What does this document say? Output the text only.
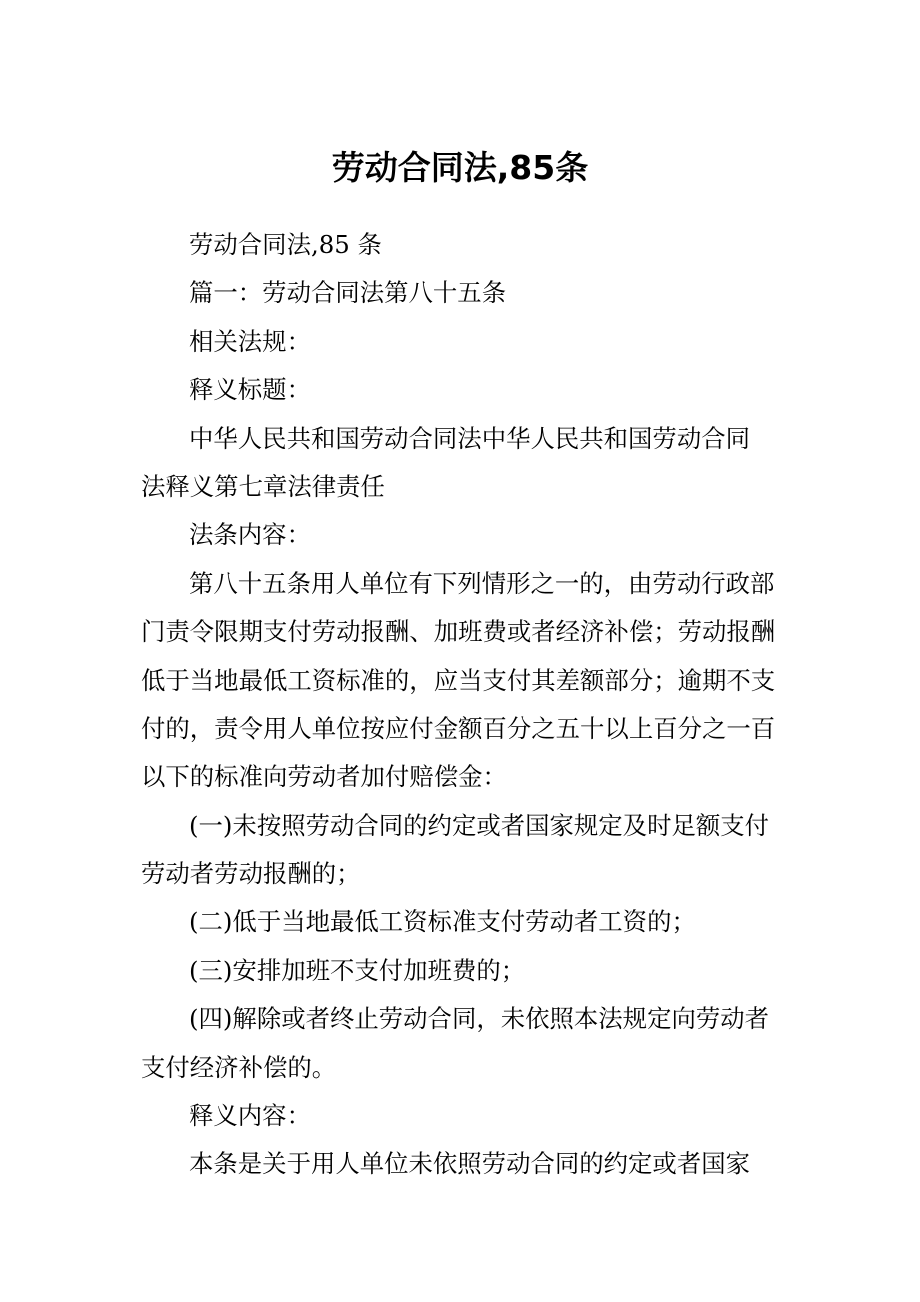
劳动合同法,85条
劳动合同法,85 条
篇一：劳动合同法第八十五条
相关法规：
释义标题：
中华人民共和国劳动合同法中华人民共和国劳动合同
法释义第七章法律责任
法条内容：
第八十五条用人单位有下列情形之一的，由劳动行政部
门责令限期支付劳动报酬、加班费或者经济补偿；劳动报酬
低于当地最低工资标准的，应当支付其差额部分；逾期不支
付的，责令用人单位按应付金额百分之五十以上百分之一百
以下的标准向劳动者加付赔偿金：
(一)未按照劳动合同的约定或者国家规定及时足额支付
劳动者劳动报酬的；
(二)低于当地最低工资标准支付劳动者工资的；
(三)安排加班不支付加班费的；
(四)解除或者终止劳动合同，未依照本法规定向劳动者
支付经济补偿的。
释义内容：
本条是关于用人单位未依照劳动合同的约定或者国家
